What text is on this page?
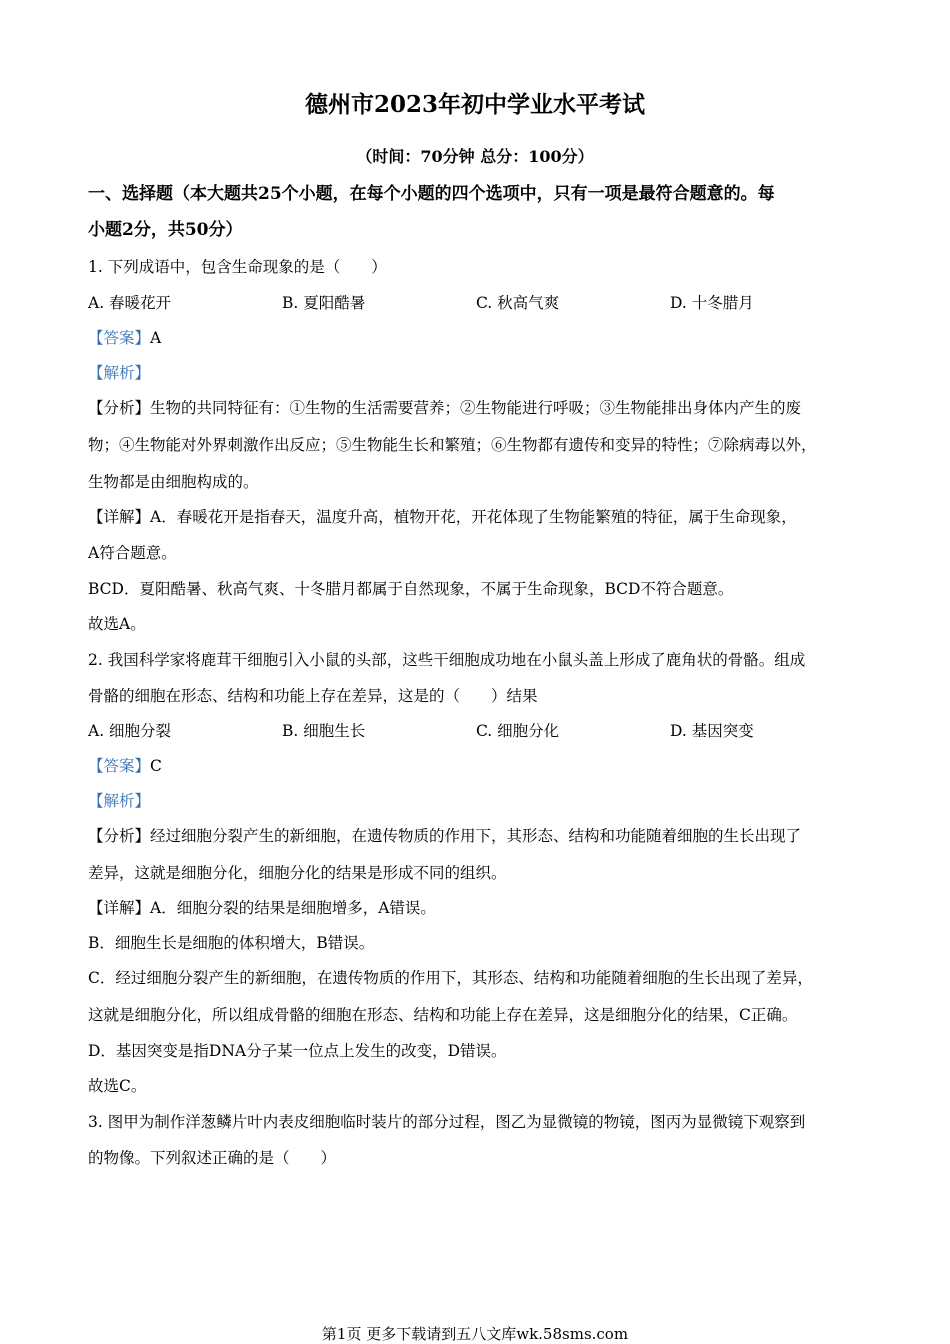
德州市2023年初中学业水平考试
（时间：70分钟 总分：100分）
一、选择题（本大题共25个小题，在每个小题的四个选项中，只有一项是最符合题意的。每
小题2分，共50分）
1. 下列成语中，包含生命现象的是（　　）
A. 春暖花开	B. 夏阳酷暑	C. 秋高气爽	D. 十冬腊月
【答案】A
【解析】
【分析】生物的共同特征有：①生物的生活需要营养；②生物能进行呼吸；③生物能排出身体内产生的废
物；④生物能对外界刺激作出反应；⑤生物能生长和繁殖；⑥生物都有遗传和变异的特性；⑦除病毒以外，
生物都是由细胞构成的。
【详解】A．春暖花开是指春天，温度升高，植物开花，开花体现了生物能繁殖的特征，属于生命现象，
A符合题意。
BCD．夏阳酷暑、秋高气爽、十冬腊月都属于自然现象，不属于生命现象，BCD不符合题意。
故选A。
2. 我国科学家将鹿茸干细胞引入小鼠的头部，这些干细胞成功地在小鼠头盖上形成了鹿角状的骨骼。组成
骨骼的细胞在形态、结构和功能上存在差异，这是的（　　）结果
A. 细胞分裂	B. 细胞生长	C. 细胞分化	D. 基因突变
【答案】C
【解析】
【分析】经过细胞分裂产生的新细胞，在遗传物质的作用下，其形态、结构和功能随着细胞的生长出现了
差异，这就是细胞分化，细胞分化的结果是形成不同的组织。
【详解】A．细胞分裂的结果是细胞增多，A错误。
B．细胞生长是细胞的体积增大，B错误。
C．经过细胞分裂产生的新细胞，在遗传物质的作用下，其形态、结构和功能随着细胞的生长出现了差异，
这就是细胞分化，所以组成骨骼的细胞在形态、结构和功能上存在差异，这是细胞分化的结果，C正确。
D．基因突变是指DNA分子某一位点上发生的改变，D错误。
故选C。
3. 图甲为制作洋葱鳞片叶内表皮细胞临时装片的部分过程，图乙为显微镜的物镜，图丙为显微镜下观察到
的物像。下列叙述正确的是（　　）
第1页 更多下载请到五八文库wk.58sms.com
